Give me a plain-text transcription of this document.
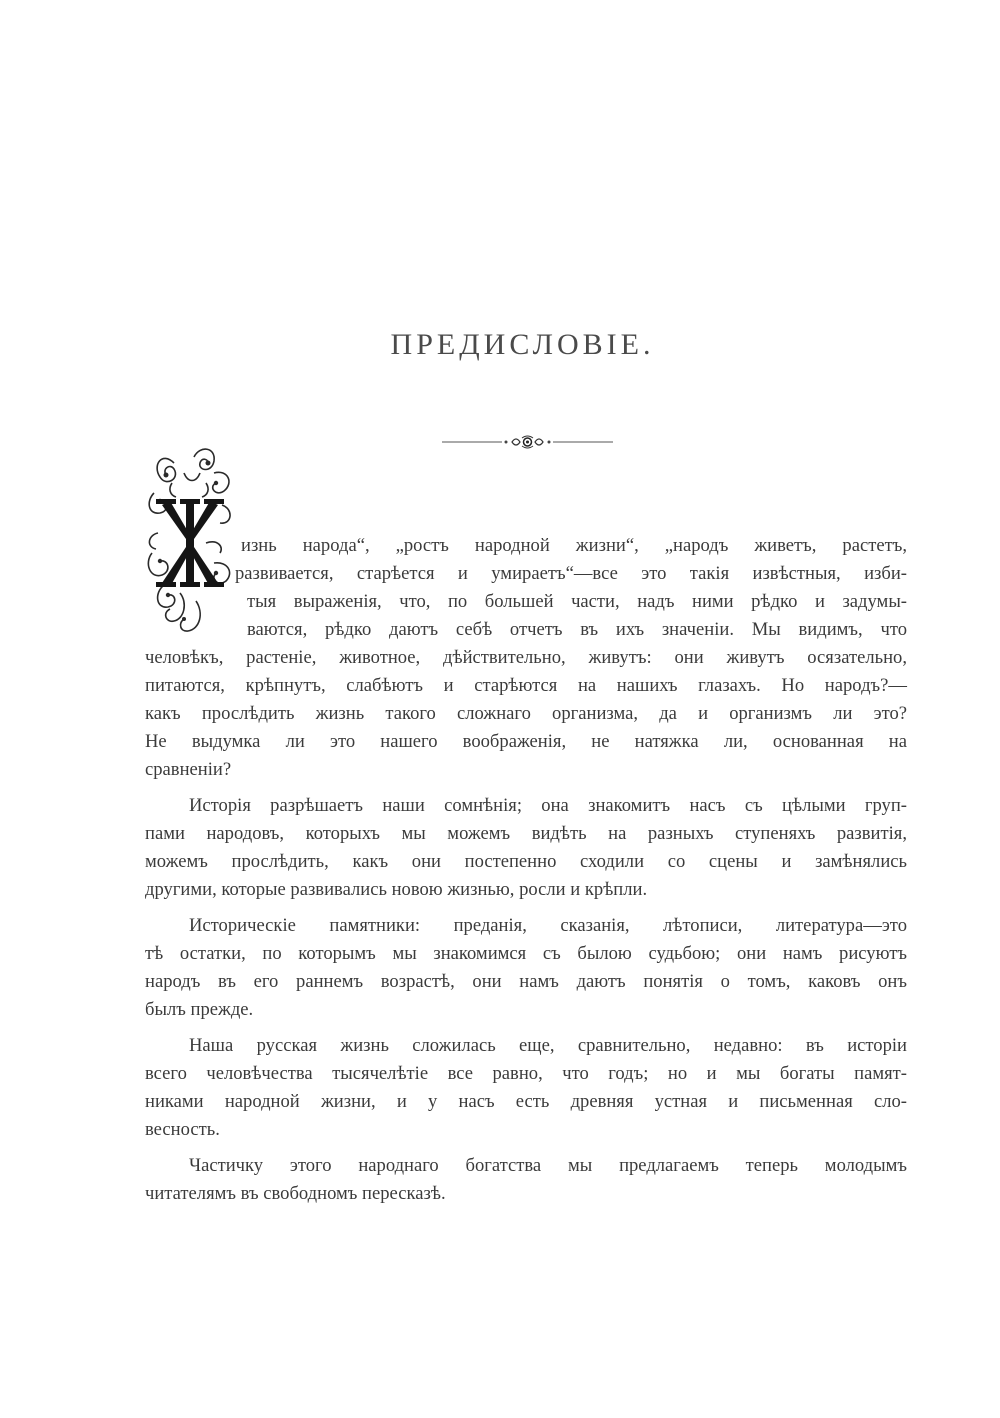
ПРЕДИСЛОВІЕ.
изнь народа“, „ростъ народной жизни“, „народъ живетъ, растетъ,
развивается, старѣется и умираетъ“—все это такія извѣстныя, изби-
тыя выраженія, что, по большей части, надъ ними рѣдко и задумы-
ваются, рѣдко даютъ себѣ отчетъ въ ихъ значеніи. Мы видимъ, что
человѣкъ, растеніе, животное, дѣйствительно, живутъ: они живутъ осязательно,
питаются, крѣпнутъ, слабѣютъ и старѣются на нашихъ глазахъ. Но народъ?—
какъ прослѣдить жизнь такого сложнаго организма, да и организмъ ли это?
Не выдумка ли это нашего воображенія, не натяжка ли, основанная на
сравненіи?
Исторія разрѣшаетъ наши сомнѣнія; она знакомитъ насъ съ цѣлыми груп-
пами народовъ, которыхъ мы можемъ видѣть на разныхъ ступеняхъ развитія,
можемъ прослѣдить, какъ они постепенно сходили со сцены и замѣнялись
другими, которые развивались новою жизнью, росли и крѣпли.
Историческіе памятники: преданія, сказанія, лѣтописи, литература—это
тѣ остатки, по которымъ мы знакомимся съ былою судьбою; они намъ рисуютъ
народъ въ его раннемъ возрастѣ, они намъ даютъ понятія о томъ, каковъ онъ
былъ прежде.
Наша русская жизнь сложилась еще, сравнительно, недавно: въ исторіи
всего человѣчества тысячелѣтіе все равно, что годъ; но и мы богаты памят-
никами народной жизни, и у насъ есть древняя устная и письменная сло-
весность.
Частичку этого народнаго богатства мы предлагаемъ теперь молодымъ
читателямъ въ свободномъ пересказѣ.
